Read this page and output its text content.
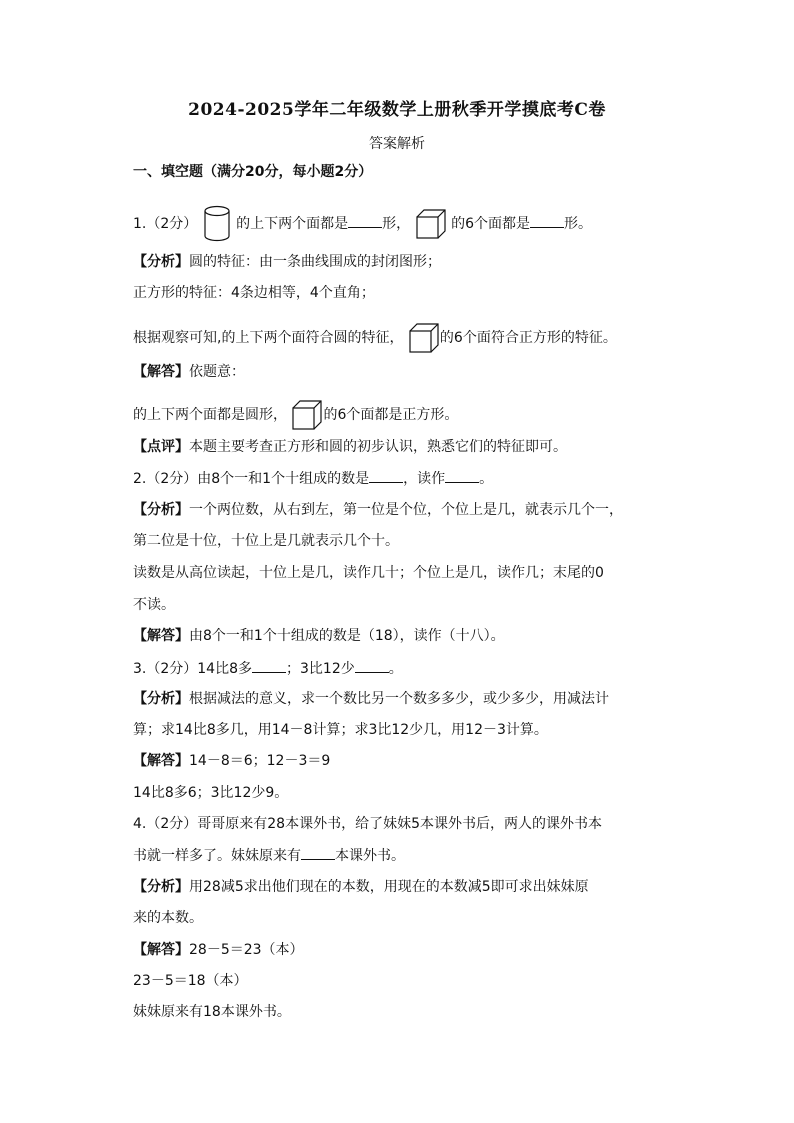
2024-2025学年二年级数学上册秋季开学摸底考C卷
答案解析
一、填空题（满分20分，每小题2分）
1.（2分）	的上下两个面都是 形，	的6个面都是 形。
【分析】圆的特征：由一条曲线围成的封闭图形；
正方形的特征：4条边相等，4个直角；
根据观察可知,的上下两个面符合圆的特征，	的6个面符合正方形的特征。
【解答】依题意：
的上下两个面都是圆形，	的6个面都是正方形。
【点评】本题主要考查正方形和圆的初步认识，熟悉它们的特征即可。
2.（2分）由8个一和1个十组成的数是 ，读作 。
【分析】一个两位数，从右到左，第一位是个位，个位上是几，就表示几个一，
第二位是十位，十位上是几就表示几个十。
读数是从高位读起，十位上是几，读作几十；个位上是几，读作几；末尾的0
不读。
【解答】由8个一和1个十组成的数是（18），读作（十八）。
3.（2分）14比8多 ；3比12少 。
【分析】根据减法的意义，求一个数比另一个数多多少，或少多少，用减法计
算；求14比8多几，用14－8计算；求3比12少几，用12－3计算。
【解答】14－8＝6；12－3＝9
14比8多6；3比12少9。
4.（2分）哥哥原来有28本课外书，给了妹妹5本课外书后，两人的课外书本
书就一样多了。妹妹原来有 本课外书。
【分析】用28减5求出他们现在的本数，用现在的本数减5即可求出妹妹原
来的本数。
【解答】28－5＝23（本）
23－5＝18（本）
妹妹原来有18本课外书。
